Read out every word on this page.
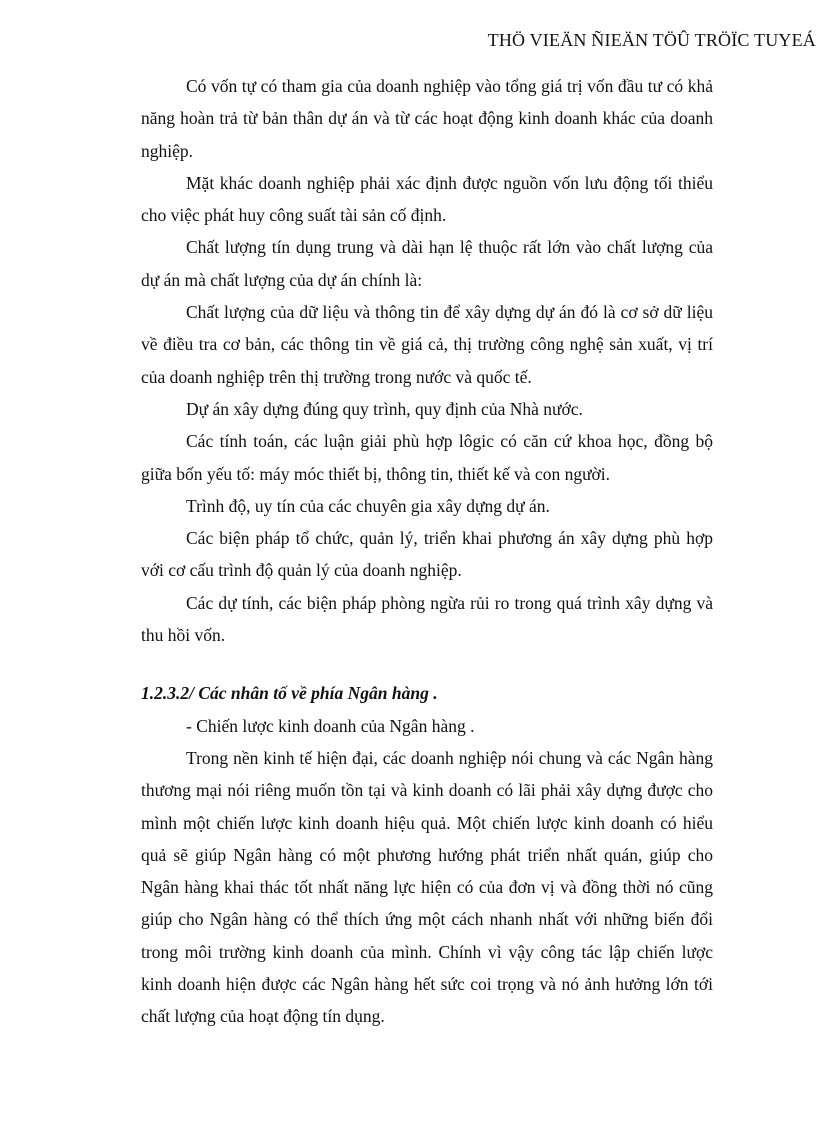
THÖ VIEÄN ÑIEÄN TÖÛ TRÖÏC TUYEÁ

Có vốn tự có tham gia của doanh nghiệp vào tổng giá trị vốn đầu tư có khả năng hoàn trả từ bản thân dự án và từ các hoạt động kinh doanh khác của doanh nghiệp.

Mặt khác doanh nghiệp phải xác định được nguồn vốn lưu động tối thiểu cho việc phát huy công suất tài sản cố định.

Chất lượng tín dụng trung và dài hạn lệ thuộc rất lớn vào chất lượng của dự án mà chất lượng của dự án chính là:

Chất lượng của dữ liệu và thông tin để xây dựng dự án đó là cơ sở dữ liệu về điều tra cơ bản, các thông tin về giá cả, thị trường công nghệ sản xuất, vị trí của doanh nghiệp trên thị trường trong nước và quốc tế.

Dự án xây dựng đúng quy trình, quy định của Nhà nước.

Các tính toán, các luận giải phù hợp lôgic có căn cứ khoa học, đồng bộ giữa bốn yếu tố: máy móc thiết bị, thông tin, thiết kế và con người.

Trình độ, uy tín của các chuyên gia xây dựng dự án.

Các biện pháp tổ chức, quản lý, triển khai phương án xây dựng phù hợp với cơ cấu trình độ quản lý của doanh nghiệp.

Các dự tính, các biện pháp phòng ngừa rủi ro trong quá trình xây dựng và thu hồi vốn.

1.2.3.2/ Các nhân tố về phía Ngân hàng .

- Chiến lược kinh doanh của Ngân hàng .

Trong nền kinh tế hiện đại, các doanh nghiệp nói chung và các Ngân hàng thương mại nói riêng muốn tồn tại và kinh doanh có lãi phải xây dựng được cho mình một chiến lược kinh doanh hiệu quả. Một chiến lược kinh doanh có hiểu quả sẽ giúp Ngân hàng có một phương hướng phát triển nhất quán, giúp cho Ngân hàng khai thác tốt nhất năng lực hiện có của đơn vị và đồng thời nó cũng giúp cho Ngân hàng có thể thích ứng một cách nhanh nhất với những biến đổi trong môi trường kinh doanh của mình. Chính vì vậy công tác lập chiến lược kinh doanh hiện được các Ngân hàng hết sức coi trọng và nó ảnh hưởng lớn tới chất lượng của hoạt động tín dụng.
